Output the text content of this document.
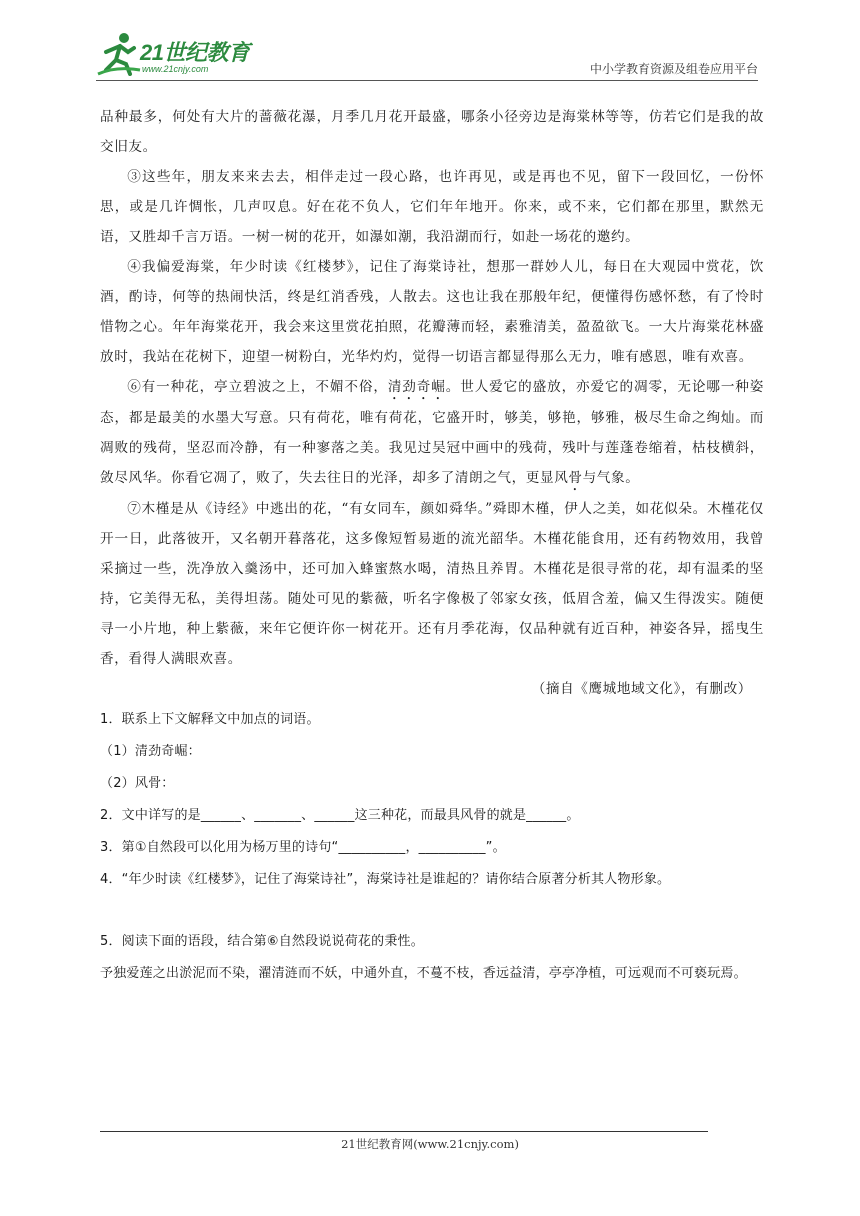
21世纪教育
www.21cnjy.com	中小学教育资源及组卷应用平台

品种最多，何处有大片的蔷薇花瀑，月季几月花开最盛，哪条小径旁边是海棠林等等，仿若它们是我的故交旧友。

③这些年，朋友来来去去，相伴走过一段心路，也许再见，或是再也不见，留下一段回忆，一份怀思，或是几许惆怅，几声叹息。好在花不负人，它们年年地开。你来，或不来，它们都在那里，默然无语，又胜却千言万语。一树一树的花开，如瀑如潮，我沿湖而行，如赴一场花的邀约。

④我偏爱海棠，年少时读《红楼梦》，记住了海棠诗社，想那一群妙人儿，每日在大观园中赏花，饮酒，酌诗，何等的热闹快活，终是红消香残，人散去。这也让我在那般年纪，便懂得伤感怀愁，有了怜时惜物之心。年年海棠花开，我会来这里赏花拍照，花瓣薄而轻，素雅清美，盈盈欲飞。一大片海棠花林盛放时，我站在花树下，迎望一树粉白，光华灼灼，觉得一切语言都显得那么无力，唯有感恩，唯有欢喜。

⑥有一种花，亭立碧波之上，不媚不俗，清劲奇崛。世人爱它的盛放，亦爱它的凋零，无论哪一种姿态，都是最美的水墨大写意。只有荷花，唯有荷花，它盛开时，够美，够艳，够雅，极尽生命之绚灿。而凋败的残荷，坚忍而冷静，有一种寥落之美。我见过吴冠中画中的残荷，残叶与莲蓬卷缩着，枯枝横斜，敛尽风华。你看它凋了，败了，失去往日的光泽，却多了清朗之气，更显风骨与气象。

⑦木槿是从《诗经》中逃出的花，“有女同车，颜如舜华。”舜即木槿，伊人之美，如花似朵。木槿花仅开一日，此落彼开，又名朝开暮落花，这多像短暂易逝的流光韶华。木槿花能食用，还有药物效用，我曾采摘过一些，洗净放入羹汤中，还可加入蜂蜜熬水喝，清热且养胃。木槿花是很寻常的花，却有温柔的坚持，它美得无私，美得坦荡。随处可见的紫薇，听名字像极了邻家女孩，低眉含羞，偏又生得泼实。随便寻一小片地，种上紫薇，来年它便许你一树花开。还有月季花海，仅品种就有近百种，神姿各异，摇曳生香，看得人满眼欢喜。

（摘自《鹰城地域文化》，有删改）

1．联系上下文解释文中加点的词语。

（1）清劲奇崛：

（2）风骨：

2．文中详写的是______、_______、______这三种花，而最具风骨的就是______。

3．第①自然段可以化用为杨万里的诗句“__________，__________”。

4．“年少时读《红楼梦》，记住了海棠诗社”，海棠诗社是谁起的？请你结合原著分析其人物形象。

5．阅读下面的语段，结合第⑥自然段说说荷花的秉性。

予独爱莲之出淤泥而不染，濯清涟而不妖，中通外直，不蔓不枝，香远益清，亭亭净植，可远观而不可亵玩焉。

21世纪教育网(www.21cnjy.com)
